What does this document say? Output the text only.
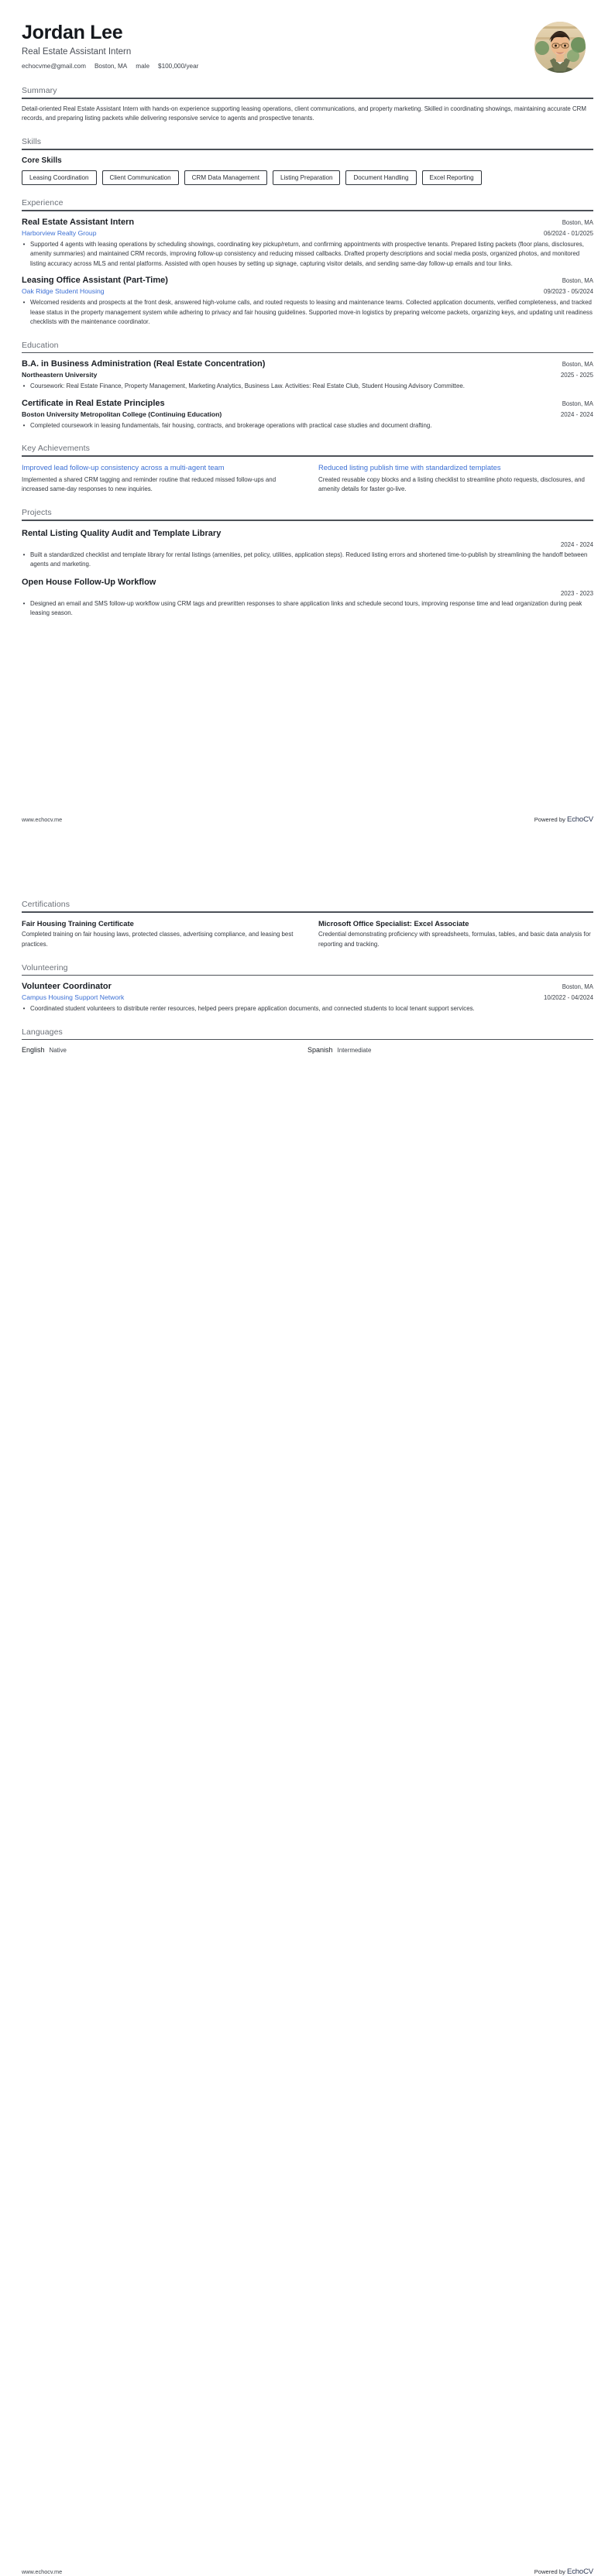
Jordan Lee
Real Estate Assistant Intern
echocvme@gmail.com Boston, MA male $100,000/year
Summary
Detail-oriented Real Estate Assistant Intern with hands-on experience supporting leasing operations, client communications, and property marketing. Skilled in coordinating showings, maintaining accurate CRM records, and preparing listing packets while delivering responsive service to agents and prospective tenants.
Skills
Core Skills
Leasing Coordination	Client Communication	CRM Data Management	Listing Preparation	Document Handling	Excel Reporting
Experience
Real Estate Assistant Intern	Boston, MA
Harborview Realty Group	06/2024 - 01/2025
• Supported 4 agents with leasing operations by scheduling showings, coordinating key pickup/return, and confirming appointments with prospective tenants. Prepared listing packets (floor plans, disclosures, amenity summaries) and maintained CRM records, improving follow-up consistency and reducing missed callbacks. Drafted property descriptions and social media posts, organized photos, and monitored listing accuracy across MLS and rental platforms. Assisted with open houses by setting up signage, capturing visitor details, and sending same-day follow-up emails and tour links.
Leasing Office Assistant (Part-Time)	Boston, MA
Oak Ridge Student Housing	09/2023 - 05/2024
• Welcomed residents and prospects at the front desk, answered high-volume calls, and routed requests to leasing and maintenance teams. Collected application documents, verified completeness, and tracked lease status in the property management system while adhering to privacy and fair housing guidelines. Supported move-in logistics by preparing welcome packets, organizing keys, and updating unit readiness checklists with the maintenance coordinator.
Education
B.A. in Business Administration (Real Estate Concentration)	Boston, MA
Northeastern University	2025 - 2025
• Coursework: Real Estate Finance, Property Management, Marketing Analytics, Business Law. Activities: Real Estate Club, Student Housing Advisory Committee.
Certificate in Real Estate Principles	Boston, MA
Boston University Metropolitan College (Continuing Education)	2024 - 2024
• Completed coursework in leasing fundamentals, fair housing, contracts, and brokerage operations with practical case studies and document drafting.
Key Achievements
Improved lead follow-up consistency across a multi-agent team
Implemented a shared CRM tagging and reminder routine that reduced missed follow-ups and increased same-day responses to new inquiries.
Reduced listing publish time with standardized templates
Created reusable copy blocks and a listing checklist to streamline photo requests, disclosures, and amenity details for faster go-live.
Projects
Rental Listing Quality Audit and Template Library
2024 - 2024
• Built a standardized checklist and template library for rental listings (amenities, pet policy, utilities, application steps). Reduced listing errors and shortened time-to-publish by streamlining the handoff between agents and marketing.
Open House Follow-Up Workflow
2023 - 2023
• Designed an email and SMS follow-up workflow using CRM tags and prewritten responses to share application links and schedule second tours, improving response time and lead organization during peak leasing season.
www.echocv.me	Powered by EchoCV
Certifications
Fair Housing Training Certificate
Completed training on fair housing laws, protected classes, advertising compliance, and leasing best practices.
Microsoft Office Specialist: Excel Associate
Credential demonstrating proficiency with spreadsheets, formulas, tables, and basic data analysis for reporting and tracking.
Volunteering
Volunteer Coordinator	Boston, MA
Campus Housing Support Network	10/2022 - 04/2024
• Coordinated student volunteers to distribute renter resources, helped peers prepare application documents, and connected students to local tenant support services.
Languages
English Native	Spanish Intermediate
www.echocv.me	Powered by EchoCV
